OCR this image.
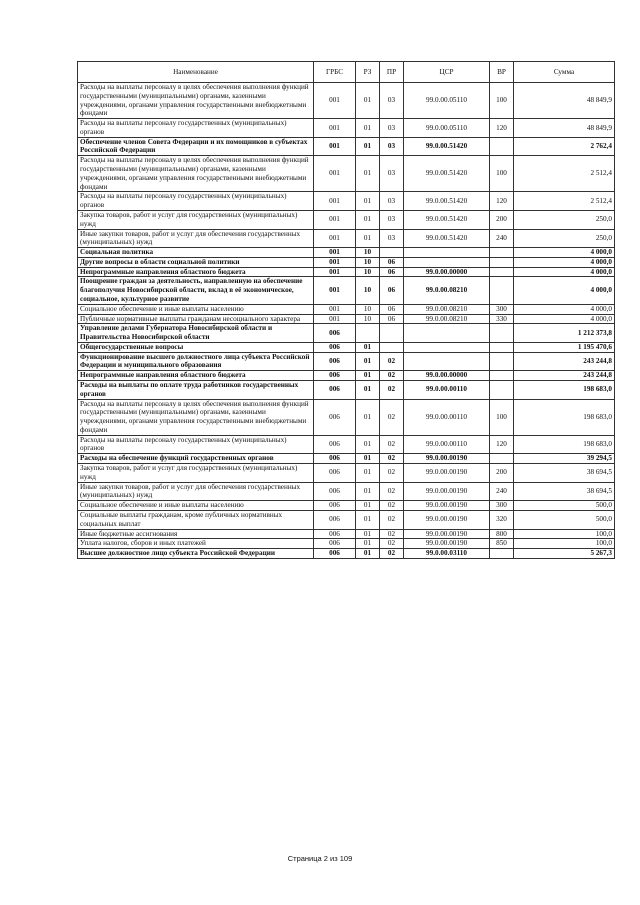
Наименование	ГРБС	РЗ	ПР	ЦСР	ВР	Сумма
Расходы на выплаты персоналу в целях обеспечения выполнения функций государственными (муниципальными) органами, казенными учреждениями, органами управления государственными внебюджетными фондами	001	01	03	99.0.00.05110	100	48 849,9
Расходы на выплаты персоналу государственных (муниципальных) органов	001	01	03	99.0.00.05110	120	48 849,9
Обеспечение членов Совета Федерации и их помощников в субъектах Российской Федерации	001	01	03	99.0.00.51420		2 762,4
Расходы на выплаты персоналу в целях обеспечения выполнения функций государственными (муниципальными) органами, казенными учреждениями, органами управления государственными внебюджетными фондами	001	01	03	99.0.00.51420	100	2 512,4
Расходы на выплаты персоналу государственных (муниципальных) органов	001	01	03	99.0.00.51420	120	2 512,4
Закупка товаров, работ и услуг для государственных (муниципальных) нужд	001	01	03	99.0.00.51420	200	250,0
Иные закупки товаров, работ и услуг для обеспечения государственных (муниципальных) нужд	001	01	03	99.0.00.51420	240	250,0
Социальная политика	001	10				4 000,0
Другие вопросы в области социальной политики	001	10	06			4 000,0
Непрограммные направления областного бюджета	001	10	06	99.0.00.00000		4 000,0
Поощрение граждан за деятельность, направленную на обеспечение благополучия Новосибирской области, вклад в её экономическое, социальное, культурное развитие	001	10	06	99.0.00.08210		4 000,0
Социальное обеспечение и иные выплаты населению	001	10	06	99.0.00.08210	300	4 000,0
Публичные нормативные выплаты гражданам несоциального характера	001	10	06	99.0.00.08210	330	4 000,0
Управление делами Губернатора Новосибирской области и Правительства Новосибирской области	006					1 212 373,8
Общегосударственные вопросы	006	01				1 195 470,6
Функционирование высшего должностного лица субъекта Российской Федерации и муниципального образования	006	01	02			243 244,8
Непрограммные направления областного бюджета	006	01	02	99.0.00.00000		243 244,8
Расходы на выплаты по оплате труда работников государственных органов	006	01	02	99.0.00.00110		198 683,0
Расходы на выплаты персоналу в целях обеспечения выполнения функций государственными (муниципальными) органами, казенными учреждениями, органами управления государственными внебюджетными фондами	006	01	02	99.0.00.00110	100	198 683,0
Расходы на выплаты персоналу государственных (муниципальных) органов	006	01	02	99.0.00.00110	120	198 683,0
Расходы на обеспечение функций государственных органов	006	01	02	99.0.00.00190		39 294,5
Закупка товаров, работ и услуг для государственных (муниципальных) нужд	006	01	02	99.0.00.00190	200	38 694,5
Иные закупки товаров, работ и услуг для обеспечения государственных (муниципальных) нужд	006	01	02	99.0.00.00190	240	38 694,5
Социальное обеспечение и иные выплаты населению	006	01	02	99.0.00.00190	300	500,0
Социальные выплаты гражданам, кроме публичных нормативных социальных выплат	006	01	02	99.0.00.00190	320	500,0
Иные бюджетные ассигнования	006	01	02	99.0.00.00190	800	100,0
Уплата налогов, сборов и иных платежей	006	01	02	99.0.00.00190	850	100,0
Высшее должностное лицо субъекта Российской Федерации	006	01	02	99.0.00.03110		5 267,3
Страница 2 из 109
